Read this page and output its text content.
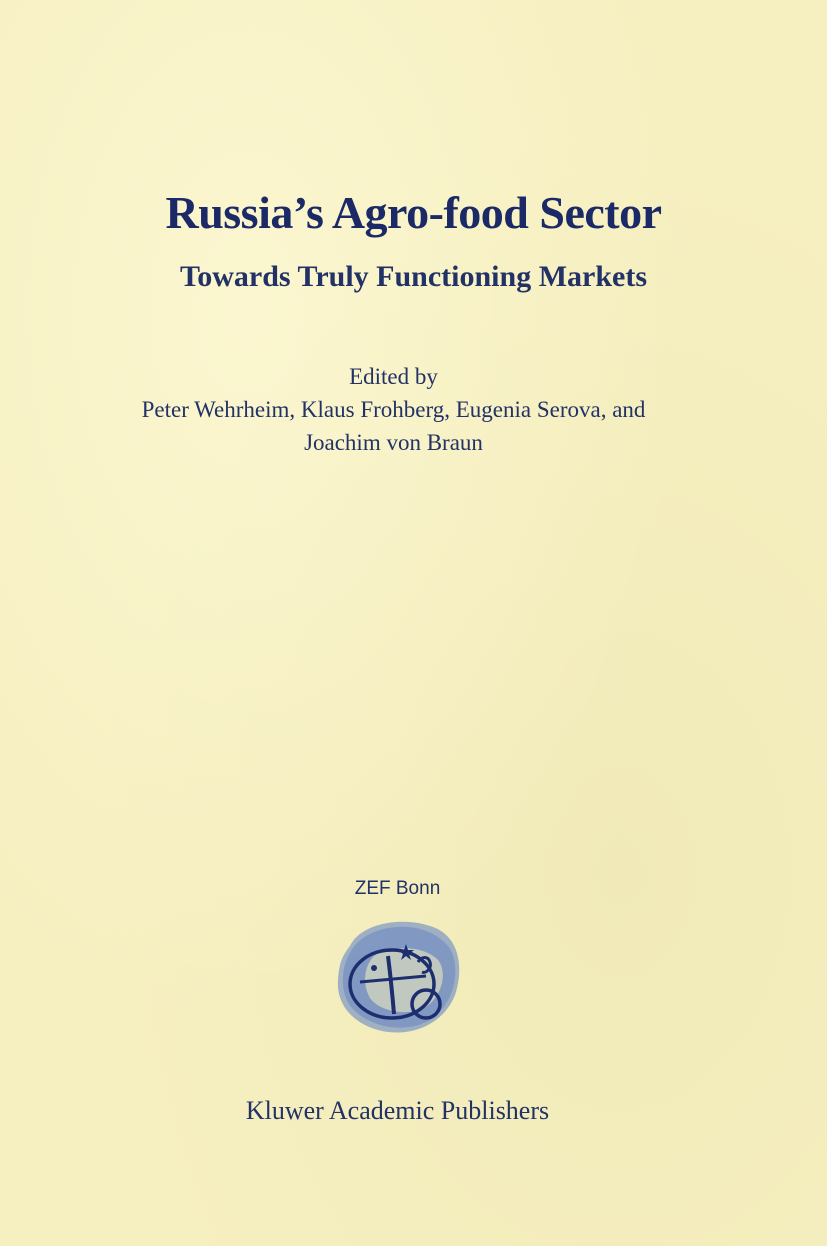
Russia’s Agro-food Sector
Towards Truly Functioning Markets
Edited by
Peter Wehrheim, Klaus Frohberg, Eugenia Serova, and
Joachim von Braun
ZEF Bonn
Kluwer Academic Publishers
